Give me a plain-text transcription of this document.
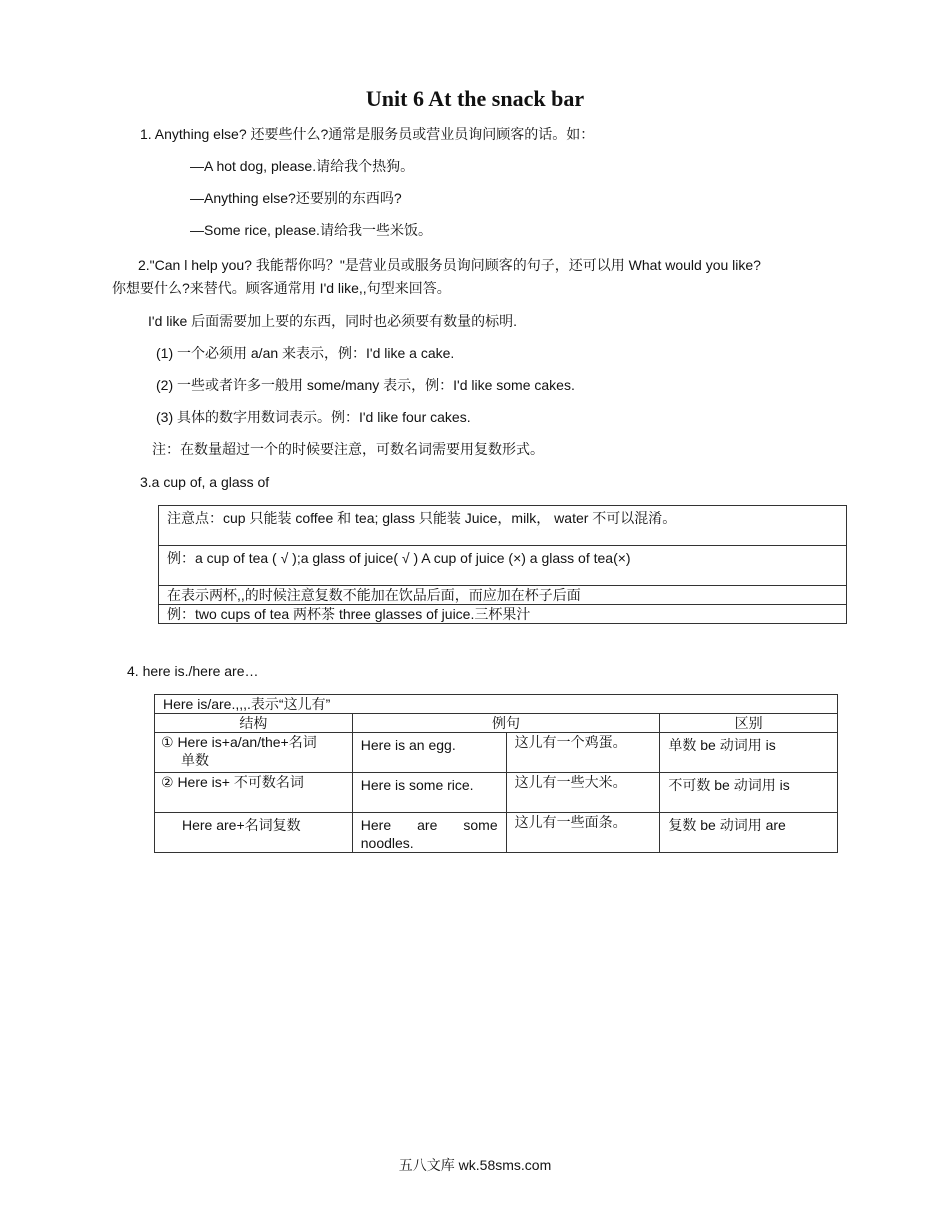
Unit 6 At the snack bar
1. Anything else? 还要些什么?通常是服务员或营业员询问顾客的话。如：
—A hot dog, please.请给我个热狗。
—Anything else?还要别的东西吗?
—Some rice, please.请给我一些米饭。
2."Can l help you? 我能帮你吗？"是营业员或服务员询问顾客的句子，还可以用 What would you like?
你想要什么?来替代。顾客通常用 I'd like,,句型来回答。
I'd like 后面需要加上要的东西，同时也必须要有数量的标明.
(1) 一个必须用 a/an 来表示，例：I'd like a cake.
(2) 一些或者许多一般用 some/many 表示，例：I'd like some cakes.
(3) 具体的数字用数词表示。例：I'd like four cakes.
注：在数量超过一个的时候要注意，可数名词需要用复数形式。
3.a cup of, a glass of
注意点：cup 只能装 coffee 和 tea; glass 只能装 Juice，milk， water 不可以混淆。
例：a cup of tea ( √ );a glass of juice( √ ) A cup of juice (×) a glass of tea(×)
在表示两杯,,的时候注意复数不能加在饮品后面，而应加在杯子后面
例：two cups of tea 两杯茶 three glasses of juice.三杯果汁
4. here is./here are…
Here is/are.,,,.表示“这儿有”			
结构	例句		区别

① Here is+a/an/the+名词
单数	Here is an egg.	这儿有一个鸡蛋。	单数 be 动词用 is
② Here is+ 不可数名词	Here is some rice.	这儿有一些大米。	不可数 be 动词用 is
Here are+名词复数	Here are some
noodles.	这儿有一些面条。	复数 be 动词用 are
五八文库 wk.58sms.com
